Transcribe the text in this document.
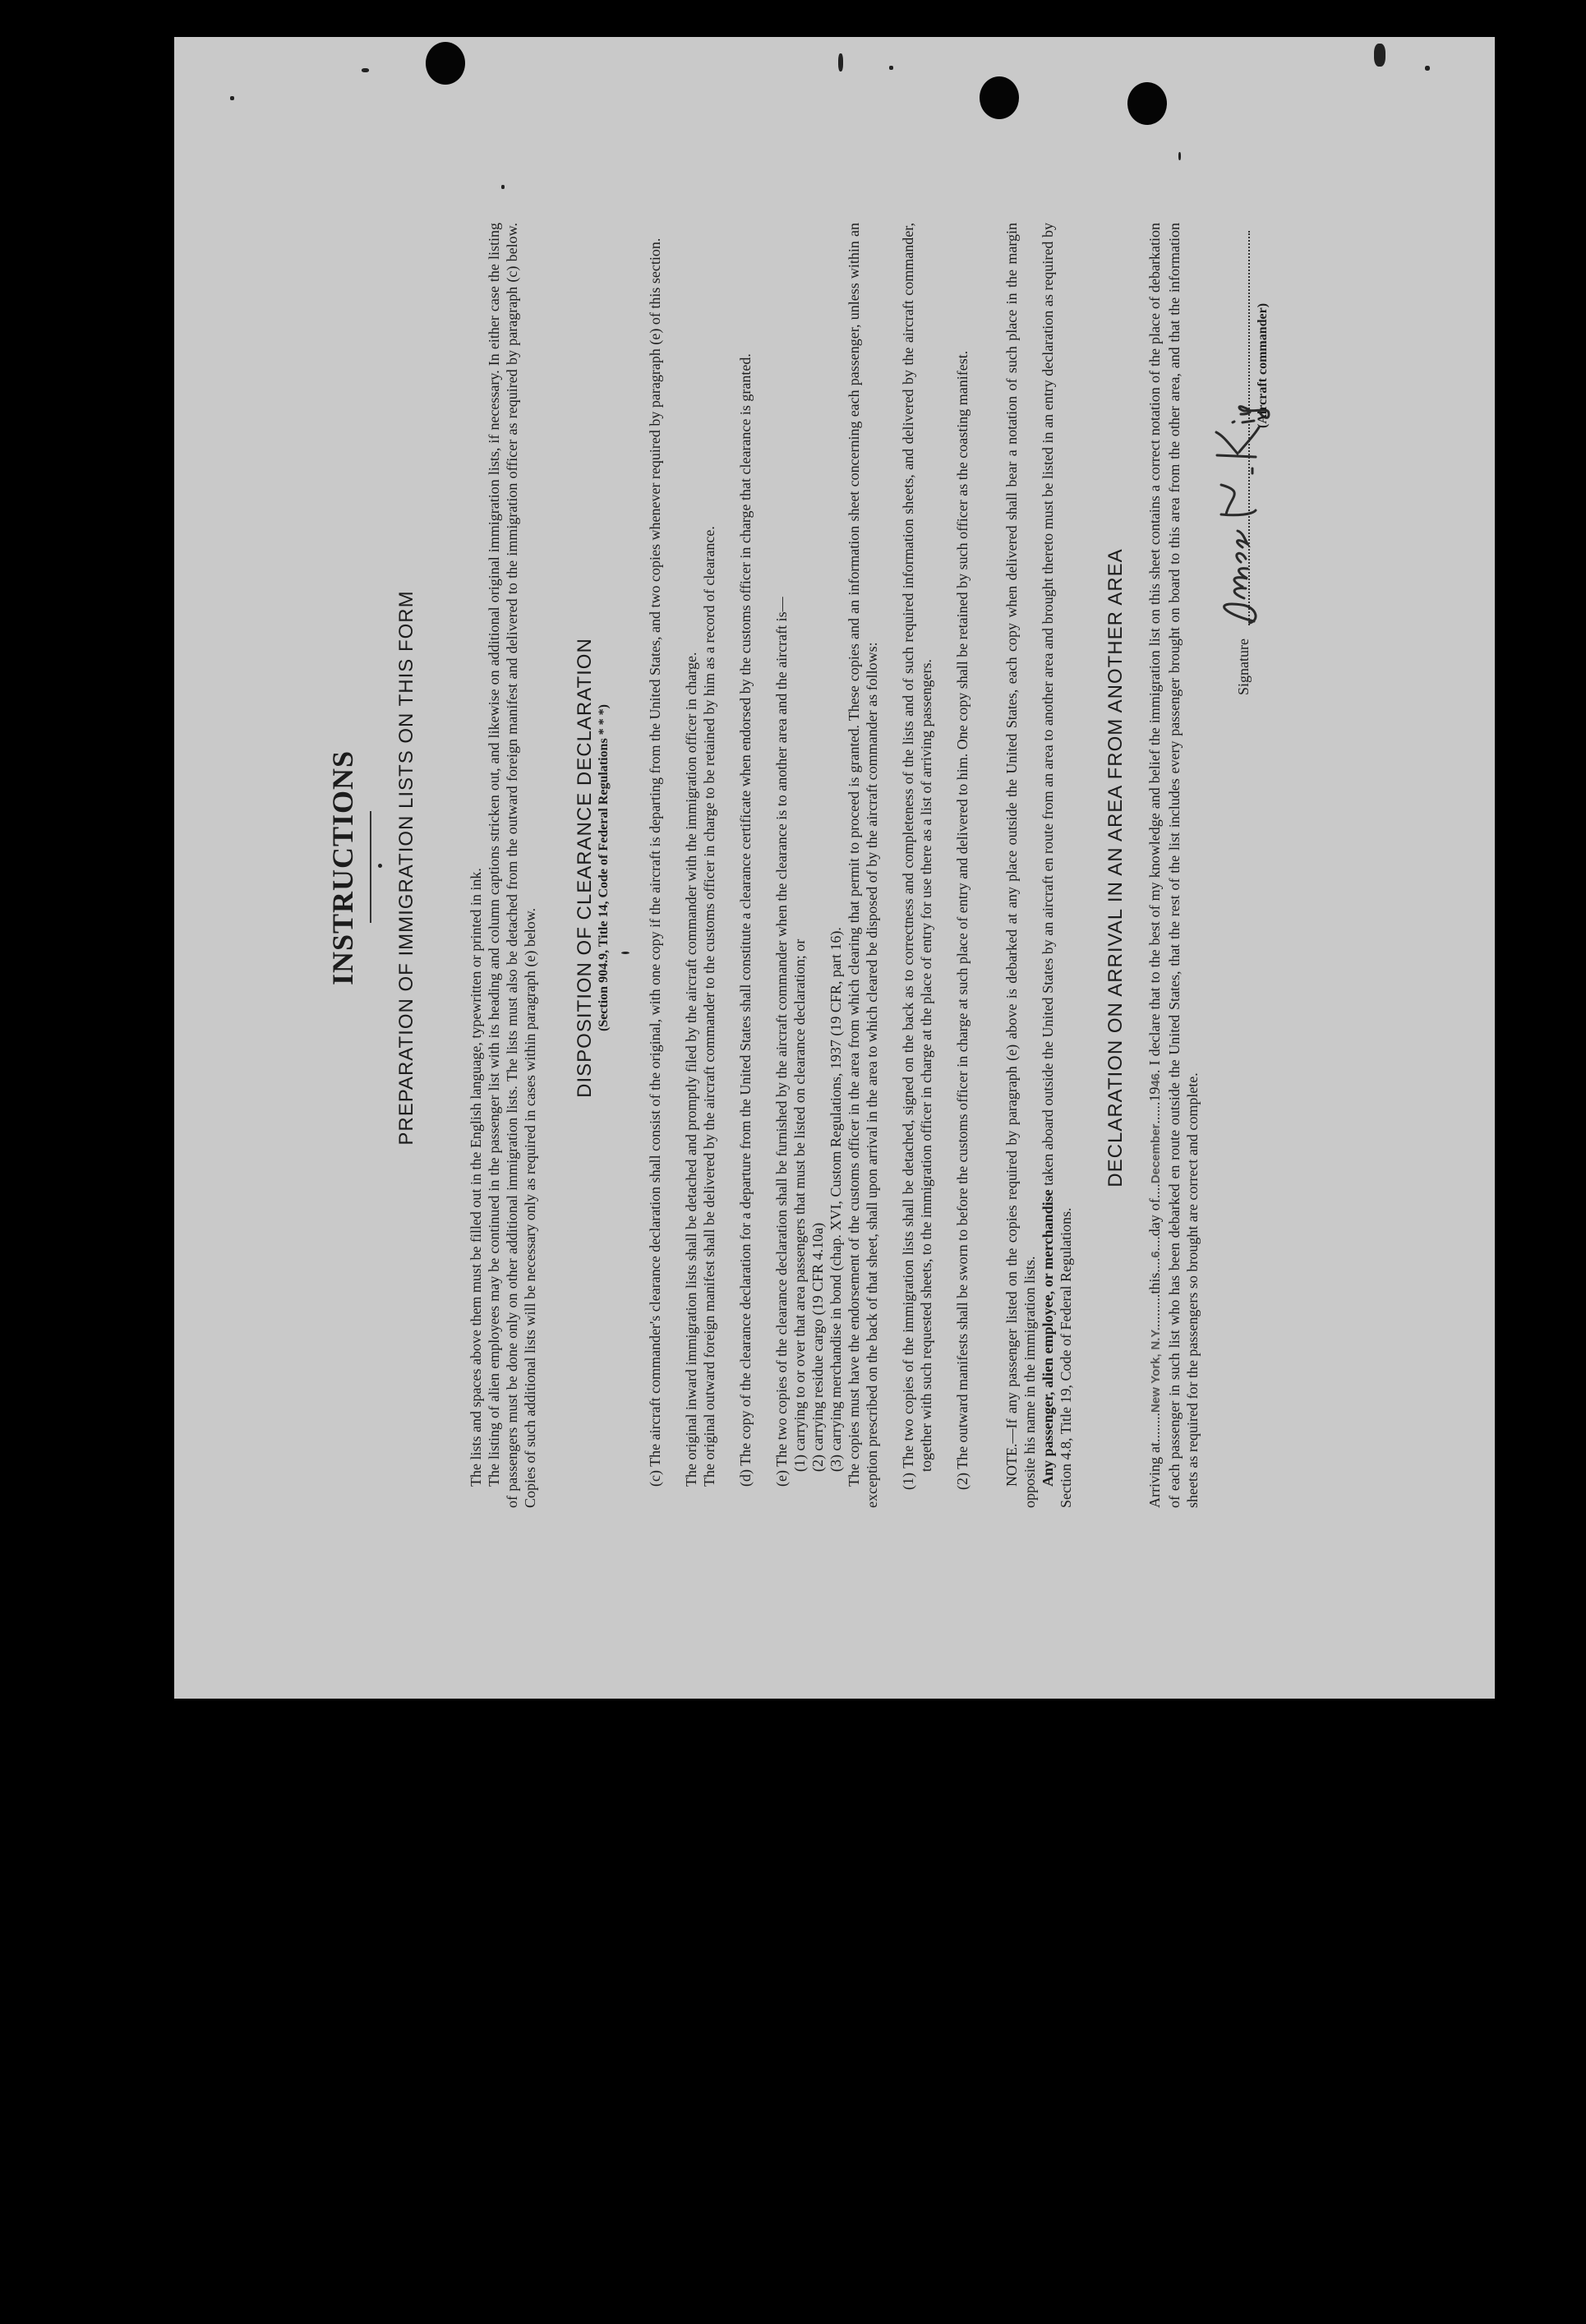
INSTRUCTIONS PREPARATION OF IMMIGRATION LISTS ON THIS FORM

The lists and spaces above them must be filled out in the English language, typewritten or printed in ink. The listing of alien employees may be continued in the passenger list with its heading and column captions stricken out, and likewise on additional original immigration lists, if necessary. In either case the listing of passengers must be done only on other additional immigration lists. The lists must also be detached from the outward foreign manifest and delivered to the immigration officer as required by paragraph (c) below. Copies of such additional lists will be necessary only as required in cases within paragraph (e) below.

DISPOSITION OF CLEARANCE DECLARATION (Section 904.9, Title 14, Code of Federal Regulations * * *) (c) The aircraft commander's clearance declaration shall consist of the original, with one copy if the aircraft is departing from the United States, and two copies whenever required by paragraph (e) of this section. The original inward immigration lists shall be detached and promptly filed by the aircraft commander with the immigration officer in charge. The original outward foreign manifest shall be delivered by the aircraft commander to the customs officer in charge to be retained by him as a record of clearance. (d) The copy of the clearance declaration for a departure from the United States shall constitute a clearance certificate when endorsed by the customs officer in charge that clearance is granted. (e) The two copies of the clearance declaration shall be furnished by the aircraft commander when the clearance is to another area and the aircraft is— (1) carrying to or over that area passengers that must be listed on clearance declaration; or (2) carrying residue cargo (19 CFR 4.10a) (3) carrying merchandise in bond (chap. XVI, Custom Regulations, 1937 (19 CFR, part 16). The copies must have the endorsement of the customs officer in the area from which clearing that permit to proceed is granted. These copies and an information sheet concerning each passenger, unless within an exception prescribed on the back of that sheet, shall upon arrival in the area to which cleared be disposed of by the aircraft commander as follows: (1) The two copies of the immigration lists shall be detached, signed on the back as to correctness and completeness of the lists and of such required information sheets, and delivered by the aircraft commander, together with such requested sheets, to the immigration officer in charge at the place of entry for use there as a list of arriving passengers. (2) The outward manifests shall be sworn to before the customs officer in charge at such place of entry and delivered to him. One copy shall be retained by such officer as the coasting manifest. NOTE.—If any passenger listed on the copies required by paragraph (e) above is debarked at any place outside the United States, each copy when delivered shall bear a notation of such place in the margin opposite his name in the immigration lists. Any passenger, alien employee, or merchandise taken aboard outside the United States by an aircraft en route from an area to another area and brought thereto must be listed in an entry declaration as required by Section 4.8, Title 19, Code of Federal Regulations.

DECLARATION ON ARRIVAL IN AN AREA FROM ANOTHER AREA

Arriving at........New York, N.Y..........this....6....day of....December......1946. I declare that to the best of my knowledge and belief the immigration list on this sheet contains a correct notation of the place of debarkation of each passenger in such list who has been debarked en route outside the United States, that the rest of the list includes every passenger brought on board to this area from the other area, and that the information sheets as required for the passengers so brought are correct and complete.

Signature
(Aircraft commander)
